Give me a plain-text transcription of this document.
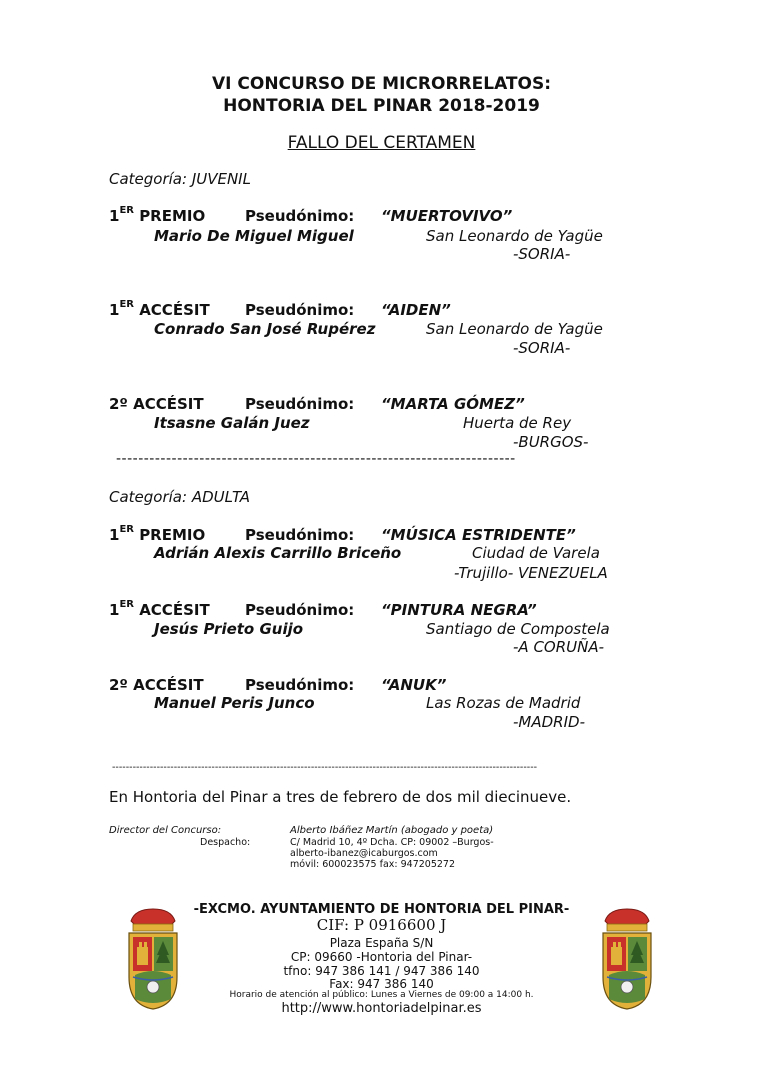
VI CONCURSO DE MICRORRELATOS:
HONTORIA DEL PINAR 2018-2019
FALLO DEL CERTAMEN
Categoría: JUVENIL
1ER PREMIO	Pseudónimo: “MUERTOVIVO”
Mario De Miguel Miguel	San Leonardo de Yagüe
-SORIA-
1ER ACCÉSIT Pseudónimo: “AIDEN”
Conrado San José Rupérez	San Leonardo de Yagüe
-SORIA-
2º ACCÉSIT	Pseudónimo: “MARTA GÓMEZ”
Itsasne Galán Juez	Huerta de Rey
-BURGOS-
------------------------------------------------------------------------
Categoría: ADULTA
1ER PREMIO	Pseudónimo: “MÚSICA ESTRIDENTE”
Adrián Alexis Carrillo Briceño	Ciudad de Varela
-Trujillo- VENEZUELA
1ER ACCÉSIT Pseudónimo: “PINTURA NEGRA”
Jesús Prieto Guijo	Santiago de Compostela
-A CORUÑA-
2º ACCÉSIT	Pseudónimo: “ANUK”
Manuel Peris Junco	Las Rozas de Madrid
-MADRID-
----------------------------------------------------------------------------------------------------------------------------
En Hontoria del Pinar a tres de febrero de dos mil diecinueve.
Director del Concurso:	Alberto Ibáñez Martín (abogado y poeta)
Despacho:	C/ Madrid 10, 4º Dcha. CP: 09002 –Burgos-
alberto-ibanez@icaburgos.com
móvil: 600023575 fax: 947205272
-EXCMO. AYUNTAMIENTO DE HONTORIA DEL PINAR-
CIF: P 0916600 J
Plaza España S/N
CP: 09660 -Hontoria del Pinar-
tfno: 947 386 141 / 947 386 140
Fax: 947 386 140
Horario de atención al público: Lunes a Viernes de 09:00 a 14:00 h.
http://www.hontoriadelpinar.es
